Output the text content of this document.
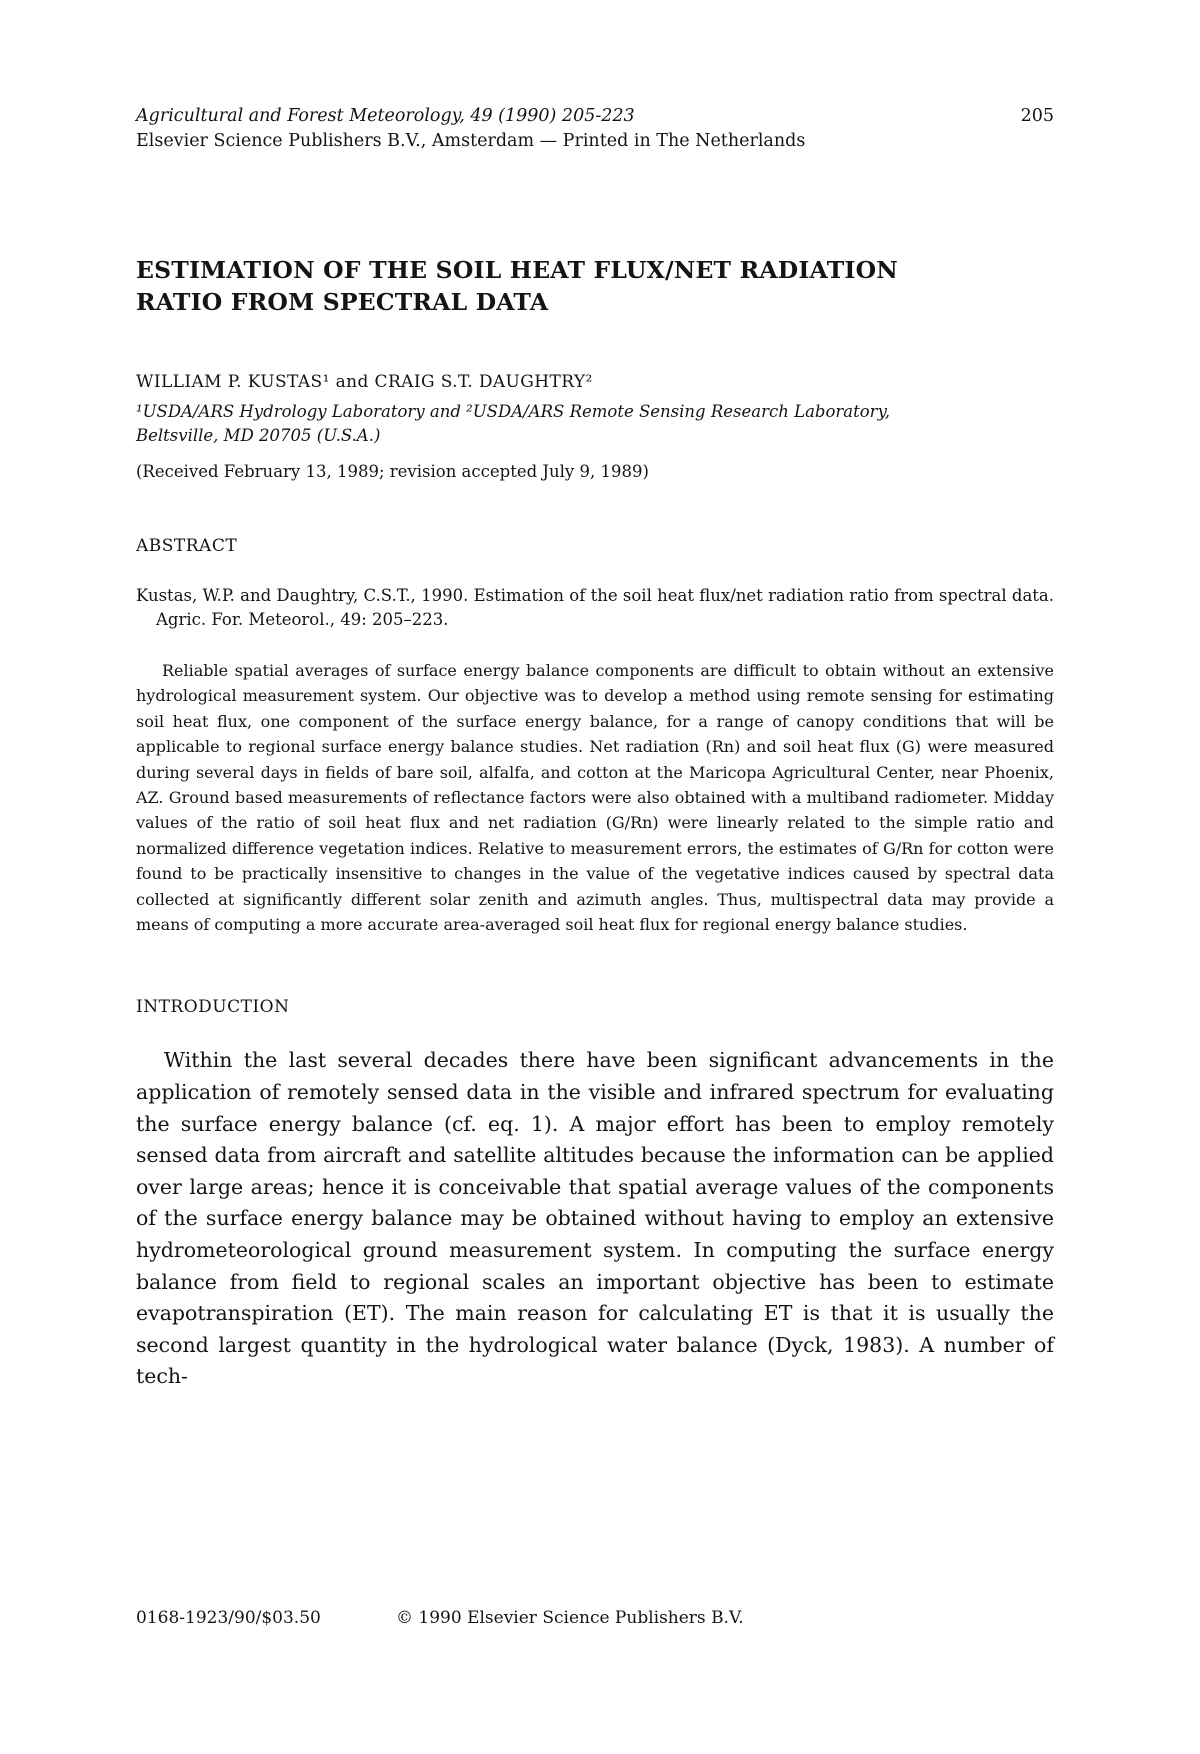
Agricultural and Forest Meteorology, 49 (1990) 205-223	205
Elsevier Science Publishers B.V., Amsterdam — Printed in The Netherlands
ESTIMATION OF THE SOIL HEAT FLUX/NET RADIATION
RATIO FROM SPECTRAL DATA
WILLIAM P. KUSTAS¹ and CRAIG S.T. DAUGHTRY²
¹USDA/ARS Hydrology Laboratory and ²USDA/ARS Remote Sensing Research Laboratory,
Beltsville, MD 20705 (U.S.A.)
(Received February 13, 1989; revision accepted July 9, 1989)
ABSTRACT
Kustas, W.P. and Daughtry, C.S.T., 1990. Estimation of the soil heat flux/net radiation ratio from spectral data. Agric. For. Meteorol., 49: 205–223.
Reliable spatial averages of surface energy balance components are difficult to obtain without an extensive hydrological measurement system. Our objective was to develop a method using remote sensing for estimating soil heat flux, one component of the surface energy balance, for a range of canopy conditions that will be applicable to regional surface energy balance studies. Net radiation (Rn) and soil heat flux (G) were measured during several days in fields of bare soil, alfalfa, and cotton at the Maricopa Agricultural Center, near Phoenix, AZ. Ground based measurements of reflectance factors were also obtained with a multiband radiometer. Midday values of the ratio of soil heat flux and net radiation (G/Rn) were linearly related to the simple ratio and normalized difference vegetation indices. Relative to measurement errors, the estimates of G/Rn for cotton were found to be practically insensitive to changes in the value of the vegetative indices caused by spectral data collected at significantly different solar zenith and azimuth angles. Thus, multispectral data may provide a means of computing a more accurate area-averaged soil heat flux for regional energy balance studies.
INTRODUCTION
Within the last several decades there have been significant advancements in the application of remotely sensed data in the visible and infrared spectrum for evaluating the surface energy balance (cf. eq. 1). A major effort has been to employ remotely sensed data from aircraft and satellite altitudes because the information can be applied over large areas; hence it is conceivable that spatial average values of the components of the surface energy balance may be obtained without having to employ an extensive hydrometeorological ground measurement system. In computing the surface energy balance from field to regional scales an important objective has been to estimate evapotranspiration (ET). The main reason for calculating ET is that it is usually the second largest quantity in the hydrological water balance (Dyck, 1983). A number of tech-
0168-1923/90/$03.50	© 1990 Elsevier Science Publishers B.V.
